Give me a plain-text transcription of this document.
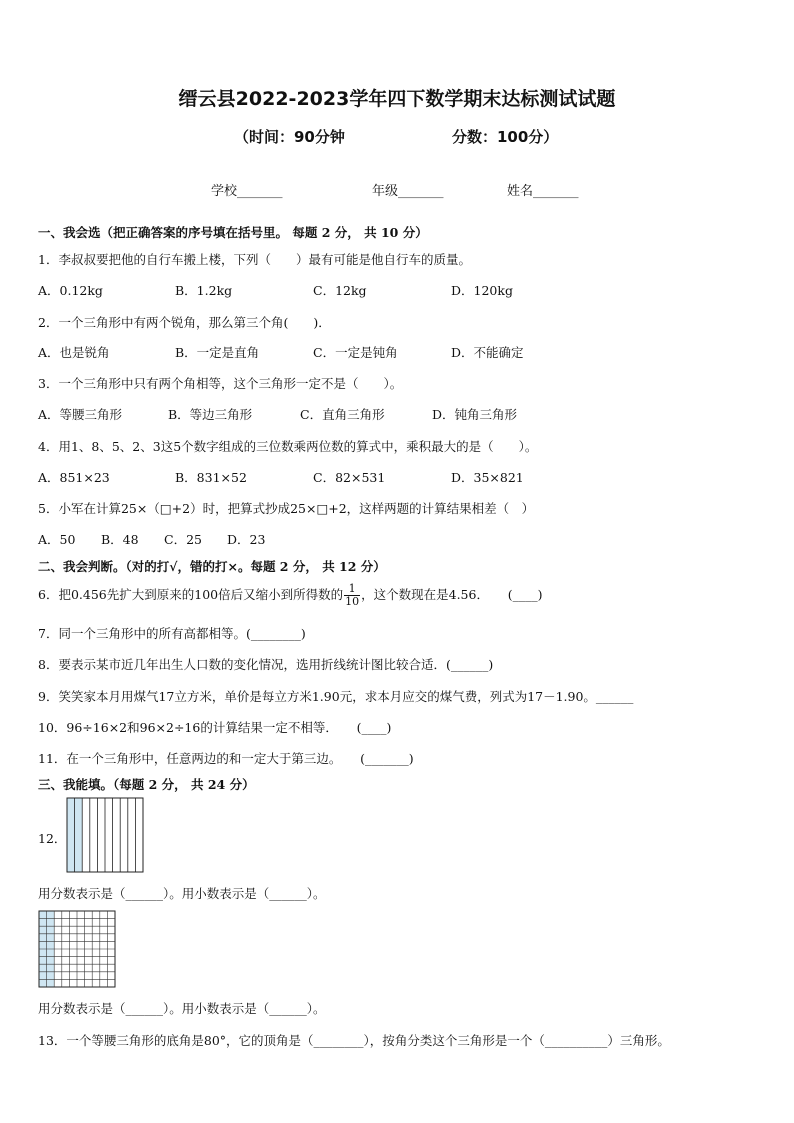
缙云县2022-2023学年四下数学期末达标测试试题
（时间：90分钟	分数：100分）
学校_______	年级_______	姓名_______
一、我会选（把正确答案的序号填在括号里。 每题 2 分， 共 10 分）
1．李叔叔要把他的自行车搬上楼，下列（　　）最有可能是他自行车的质量。
A．0.12kg	B．1.2kg	C．12kg	D．120kg
2．一个三角形中有两个锐角，那么第三个角(　　)．
A．也是锐角	B．一定是直角	C．一定是钝角	D．不能确定
3．一个三角形中只有两个角相等，这个三角形一定不是（　　）。
A．等腰三角形	B．等边三角形	C．直角三角形	D．钝角三角形
4．用1、8、5、2、3这5个数字组成的三位数乘两位数的算式中，乘积最大的是（　　）。
A．851×23	B．831×52	C．82×531	D．35×821
5．小军在计算25×（□+2）时，把算式抄成25×□+2，这样两题的计算结果相差（　）
A．50 B．48 C．25 D．23
二、我会判断。（对的打√，错的打×。每题 2 分， 共 12 分）
6．把0.456先扩大到原来的100倍后又缩小到所得数的 $\frac{1}{10}$ ，这个数现在是4.56．　　(____)
7．同一个三角形中的所有高都相等。(________)
8．要表示某市近几年出生人口数的变化情况，选用折线统计图比较合适．(______)
9．笑笑家本月用煤气17立方米，单价是每立方米1.90元，求本月应交的煤气费，列式为17－1.90。______
10．96÷16×2和96×2÷16的计算结果一定不相等．　　(____)
11．在一个三角形中，任意两边的和一定大于第三边。　　(_______)
三、我能填。（每题 2 分， 共 24 分）
12．
用分数表示是（______）。用小数表示是（______）。
用分数表示是（______）。用小数表示是（______）。
13．一个等腰三角形的底角是80°，它的顶角是（________），按角分类这个三角形是一个（__________）三角形。
